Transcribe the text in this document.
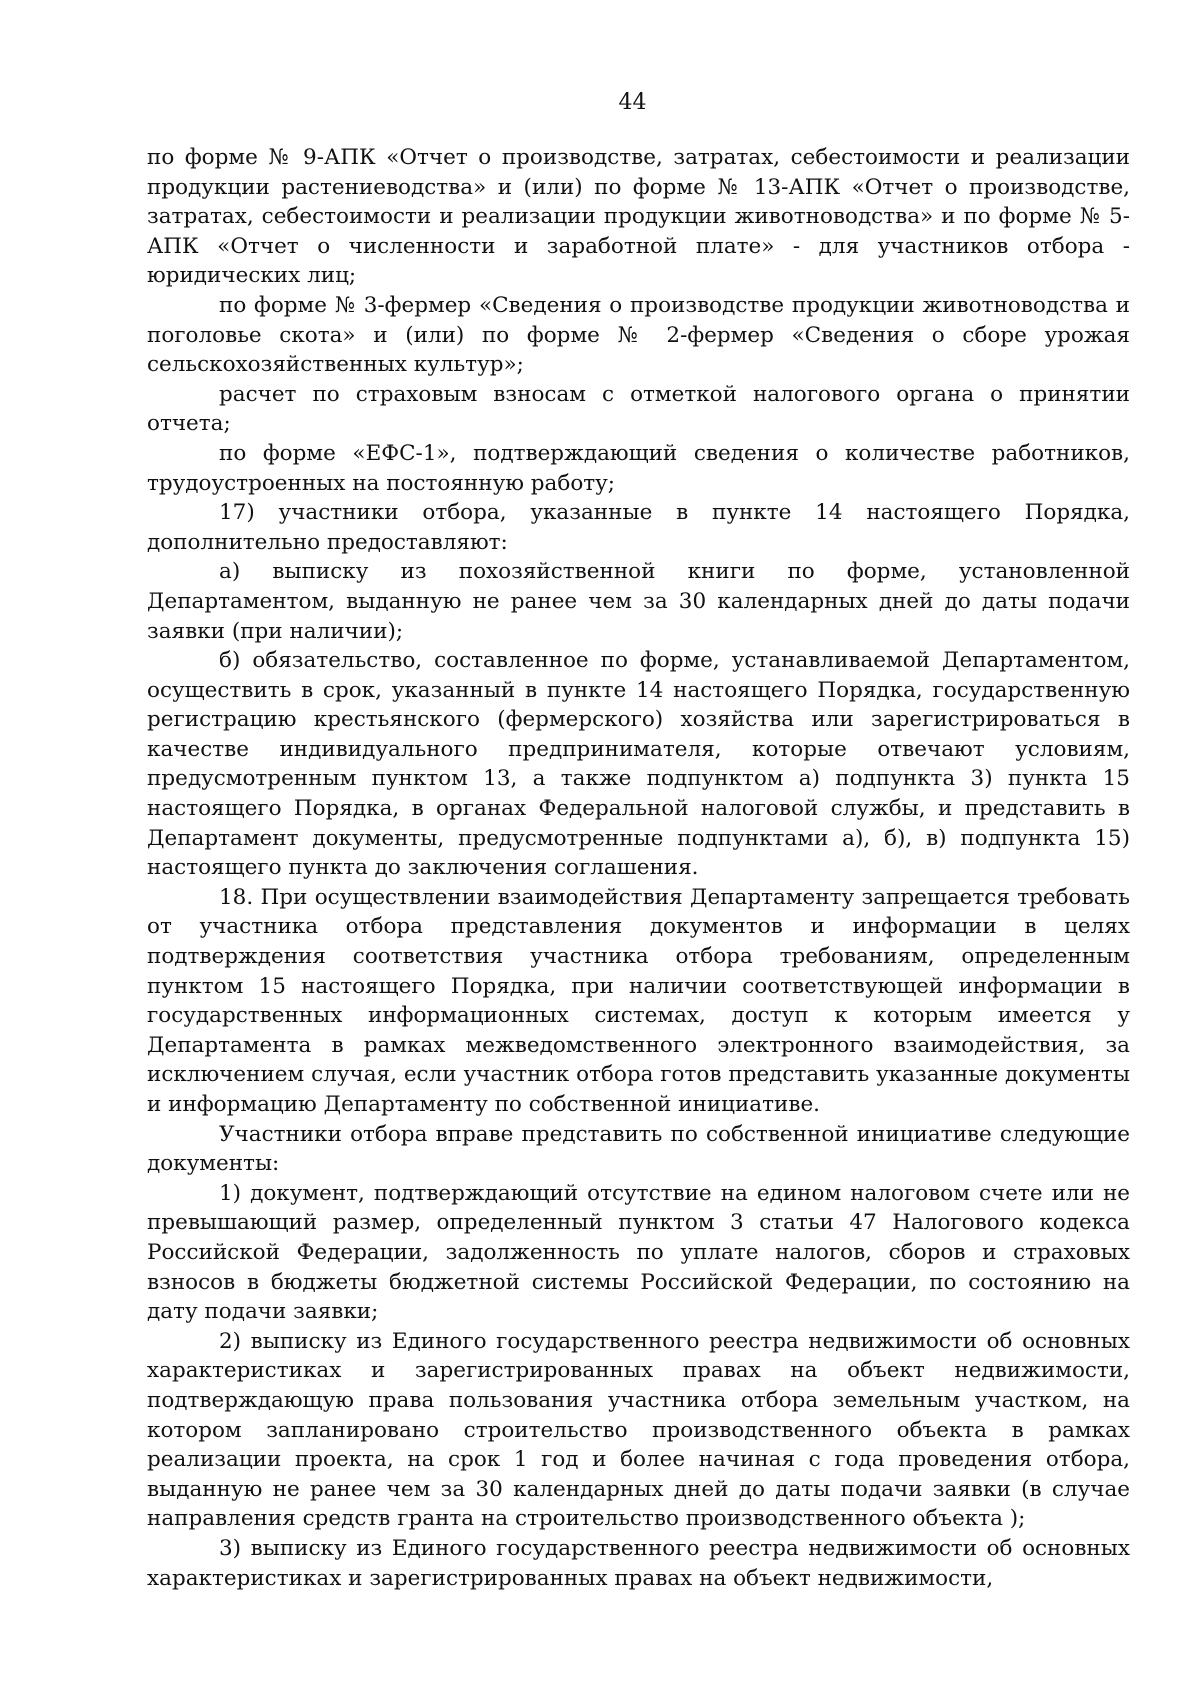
44

по форме № 9-АПК «Отчет о производстве, затратах, себестоимости и реализации продукции растениеводства» и (или) по форме № 13-АПК «Отчет о производстве, затратах, себестоимости и реализации продукции животноводства» и по форме № 5-АПК «Отчет о численности и заработной плате» - для участников отбора - юридических лиц;

по форме № 3-фермер «Сведения о производстве продукции животноводства и поголовье скота» и (или) по форме № 2-фермер «Сведения о сборе урожая сельскохозяйственных культур»;

расчет по страховым взносам с отметкой налогового органа о принятии отчета;

по форме «ЕФС-1», подтверждающий сведения о количестве работников, трудоустроенных на постоянную работу;

17) участники отбора, указанные в пункте 14 настоящего Порядка, дополнительно предоставляют:

а) выписку из похозяйственной книги по форме, установленной Департаментом, выданную не ранее чем за 30 календарных дней до даты подачи заявки (при наличии);

б) обязательство, составленное по форме, устанавливаемой Департаментом, осуществить в срок, указанный в пункте 14 настоящего Порядка, государственную регистрацию крестьянского (фермерского) хозяйства или зарегистрироваться в качестве индивидуального предпринимателя, которые отвечают условиям, предусмотренным пунктом 13, а также подпунктом а) подпункта 3) пункта 15 настоящего Порядка, в органах Федеральной налоговой службы, и представить в Департамент документы, предусмотренные подпунктами а), б), в) подпункта 15) настоящего пункта до заключения соглашения.

18. При осуществлении взаимодействия Департаменту запрещается требовать от участника отбора представления документов и информации в целях подтверждения соответствия участника отбора требованиям, определенным пунктом 15 настоящего Порядка, при наличии соответствующей информации в государственных информационных системах, доступ к которым имеется у Департамента в рамках межведомственного электронного взаимодействия, за исключением случая, если участник отбора готов представить указанные документы и информацию Департаменту по собственной инициативе.

Участники отбора вправе представить по собственной инициативе следующие документы:

1) документ, подтверждающий отсутствие на едином налоговом счете или не превышающий размер, определенный пунктом 3 статьи 47 Налогового кодекса Российской Федерации, задолженность по уплате налогов, сборов и страховых взносов в бюджеты бюджетной системы Российской Федерации, по состоянию на дату подачи заявки;

2) выписку из Единого государственного реестра недвижимости об основных характеристиках и зарегистрированных правах на объект недвижимости, подтверждающую права пользования участника отбора земельным участком, на котором запланировано строительство производственного объекта в рамках реализации проекта, на срок 1 год и более начиная с года проведения отбора, выданную не ранее чем за 30 календарных дней до даты подачи заявки (в случае направления средств гранта на строительство производственного объекта );

3) выписку из Единого государственного реестра недвижимости об основных характеристиках и зарегистрированных правах на объект недвижимости,
